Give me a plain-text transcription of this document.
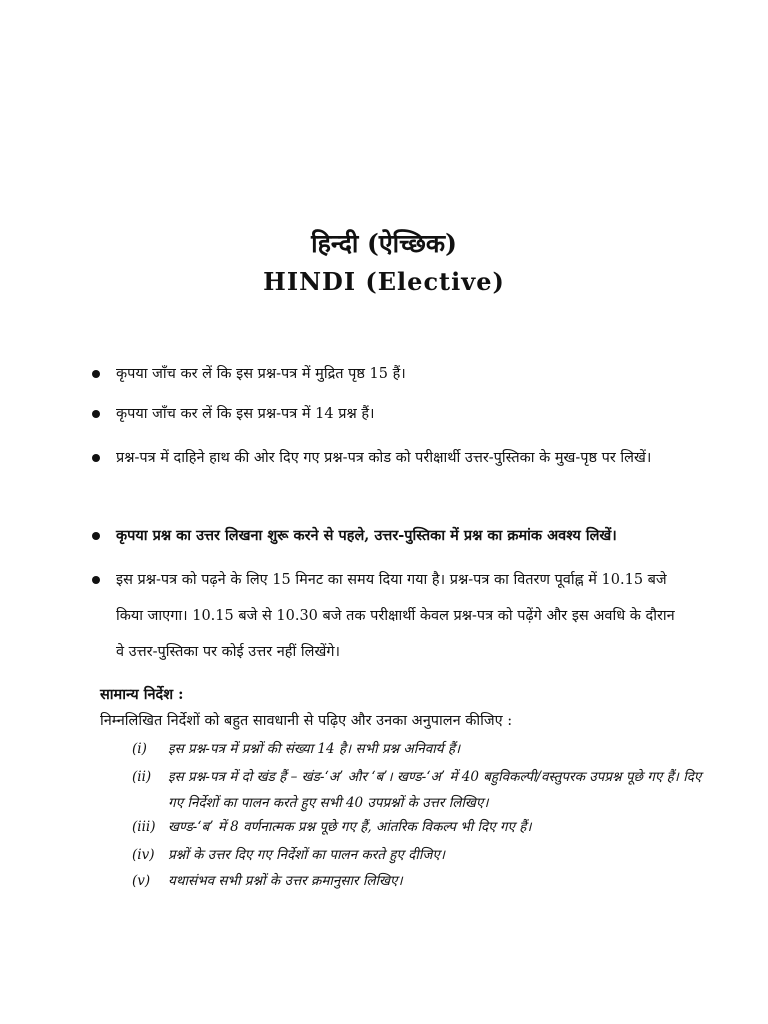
हिन्दी (ऐच्छिक)
HINDI (Elective)
कृपया जाँच कर लें कि इस प्रश्न-पत्र में मुद्रित पृष्ठ 15 हैं।
कृपया जाँच कर लें कि इस प्रश्न-पत्र में 14 प्रश्न हैं।
प्रश्न-पत्र में दाहिने हाथ की ओर दिए गए प्रश्न-पत्र कोड को परीक्षार्थी उत्तर-पुस्तिका के मुख-पृष्ठ पर लिखें।
कृपया प्रश्न का उत्तर लिखना शुरू करने से पहले, उत्तर-पुस्तिका में प्रश्न का क्रमांक अवश्य लिखें।
इस प्रश्न-पत्र को पढ़ने के लिए 15 मिनट का समय दिया गया है। प्रश्न-पत्र का वितरण पूर्वाह्न में 10.15 बजे किया जाएगा। 10.15 बजे से 10.30 बजे तक परीक्षार्थी केवल प्रश्न-पत्र को पढ़ेंगे और इस अवधि के दौरान वे उत्तर-पुस्तिका पर कोई उत्तर नहीं लिखेंगे।
सामान्य निर्देश :
निम्नलिखित निर्देशों को बहुत सावधानी से पढ़िए और उनका अनुपालन कीजिए :
(i)	इस प्रश्न-पत्र में प्रश्नों की संख्या 14 है। सभी प्रश्न अनिवार्य हैं।
(ii)	इस प्रश्न-पत्र में दो खंड हैं – खंड-‘अ’ और ‘ब’। खण्ड-‘अ’ में 40 बहुविकल्पी/वस्तुपरक उपप्रश्न पूछे गए हैं। दिए गए निर्देशों का पालन करते हुए सभी 40 उपप्रश्नों के उत्तर लिखिए।
(iii) खण्ड-‘ब’ में 8 वर्णनात्मक प्रश्न पूछे गए हैं, आंतरिक विकल्प भी दिए गए हैं।
(iv)	प्रश्नों के उत्तर दिए गए निर्देशों का पालन करते हुए दीजिए।
(v)	यथासंभव सभी प्रश्नों के उत्तर क्रमानुसार लिखिए।
